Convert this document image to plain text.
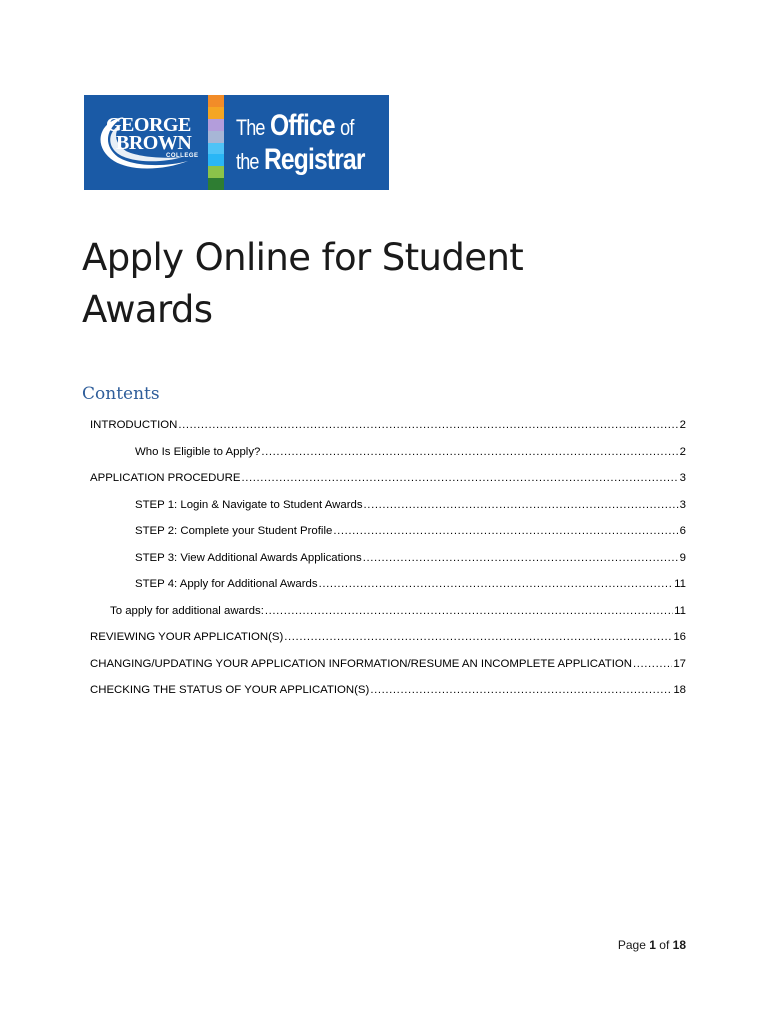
GEORGE
BROWN
COLLEGE
The Office of
the Registrar
Apply Online for Student
Awards
Contents
INTRODUCTION .....	2
Who Is Eligible to Apply? .....	2
APPLICATION PROCEDURE .....	3
STEP 1: Login & Navigate to Student Awards .....	3
STEP 2: Complete your Student Profile .....	6
STEP 3: View Additional Awards Applications .....	9
STEP 4: Apply for Additional Awards .....	11
To apply for additional awards: .....	11
REVIEWING YOUR APPLICATION(S) .....	16
CHANGING/UPDATING YOUR APPLICATION INFORMATION/RESUME AN INCOMPLETE APPLICATION .....	17
CHECKING THE STATUS OF YOUR APPLICATION(S) .....	18
Page 1 of 18
